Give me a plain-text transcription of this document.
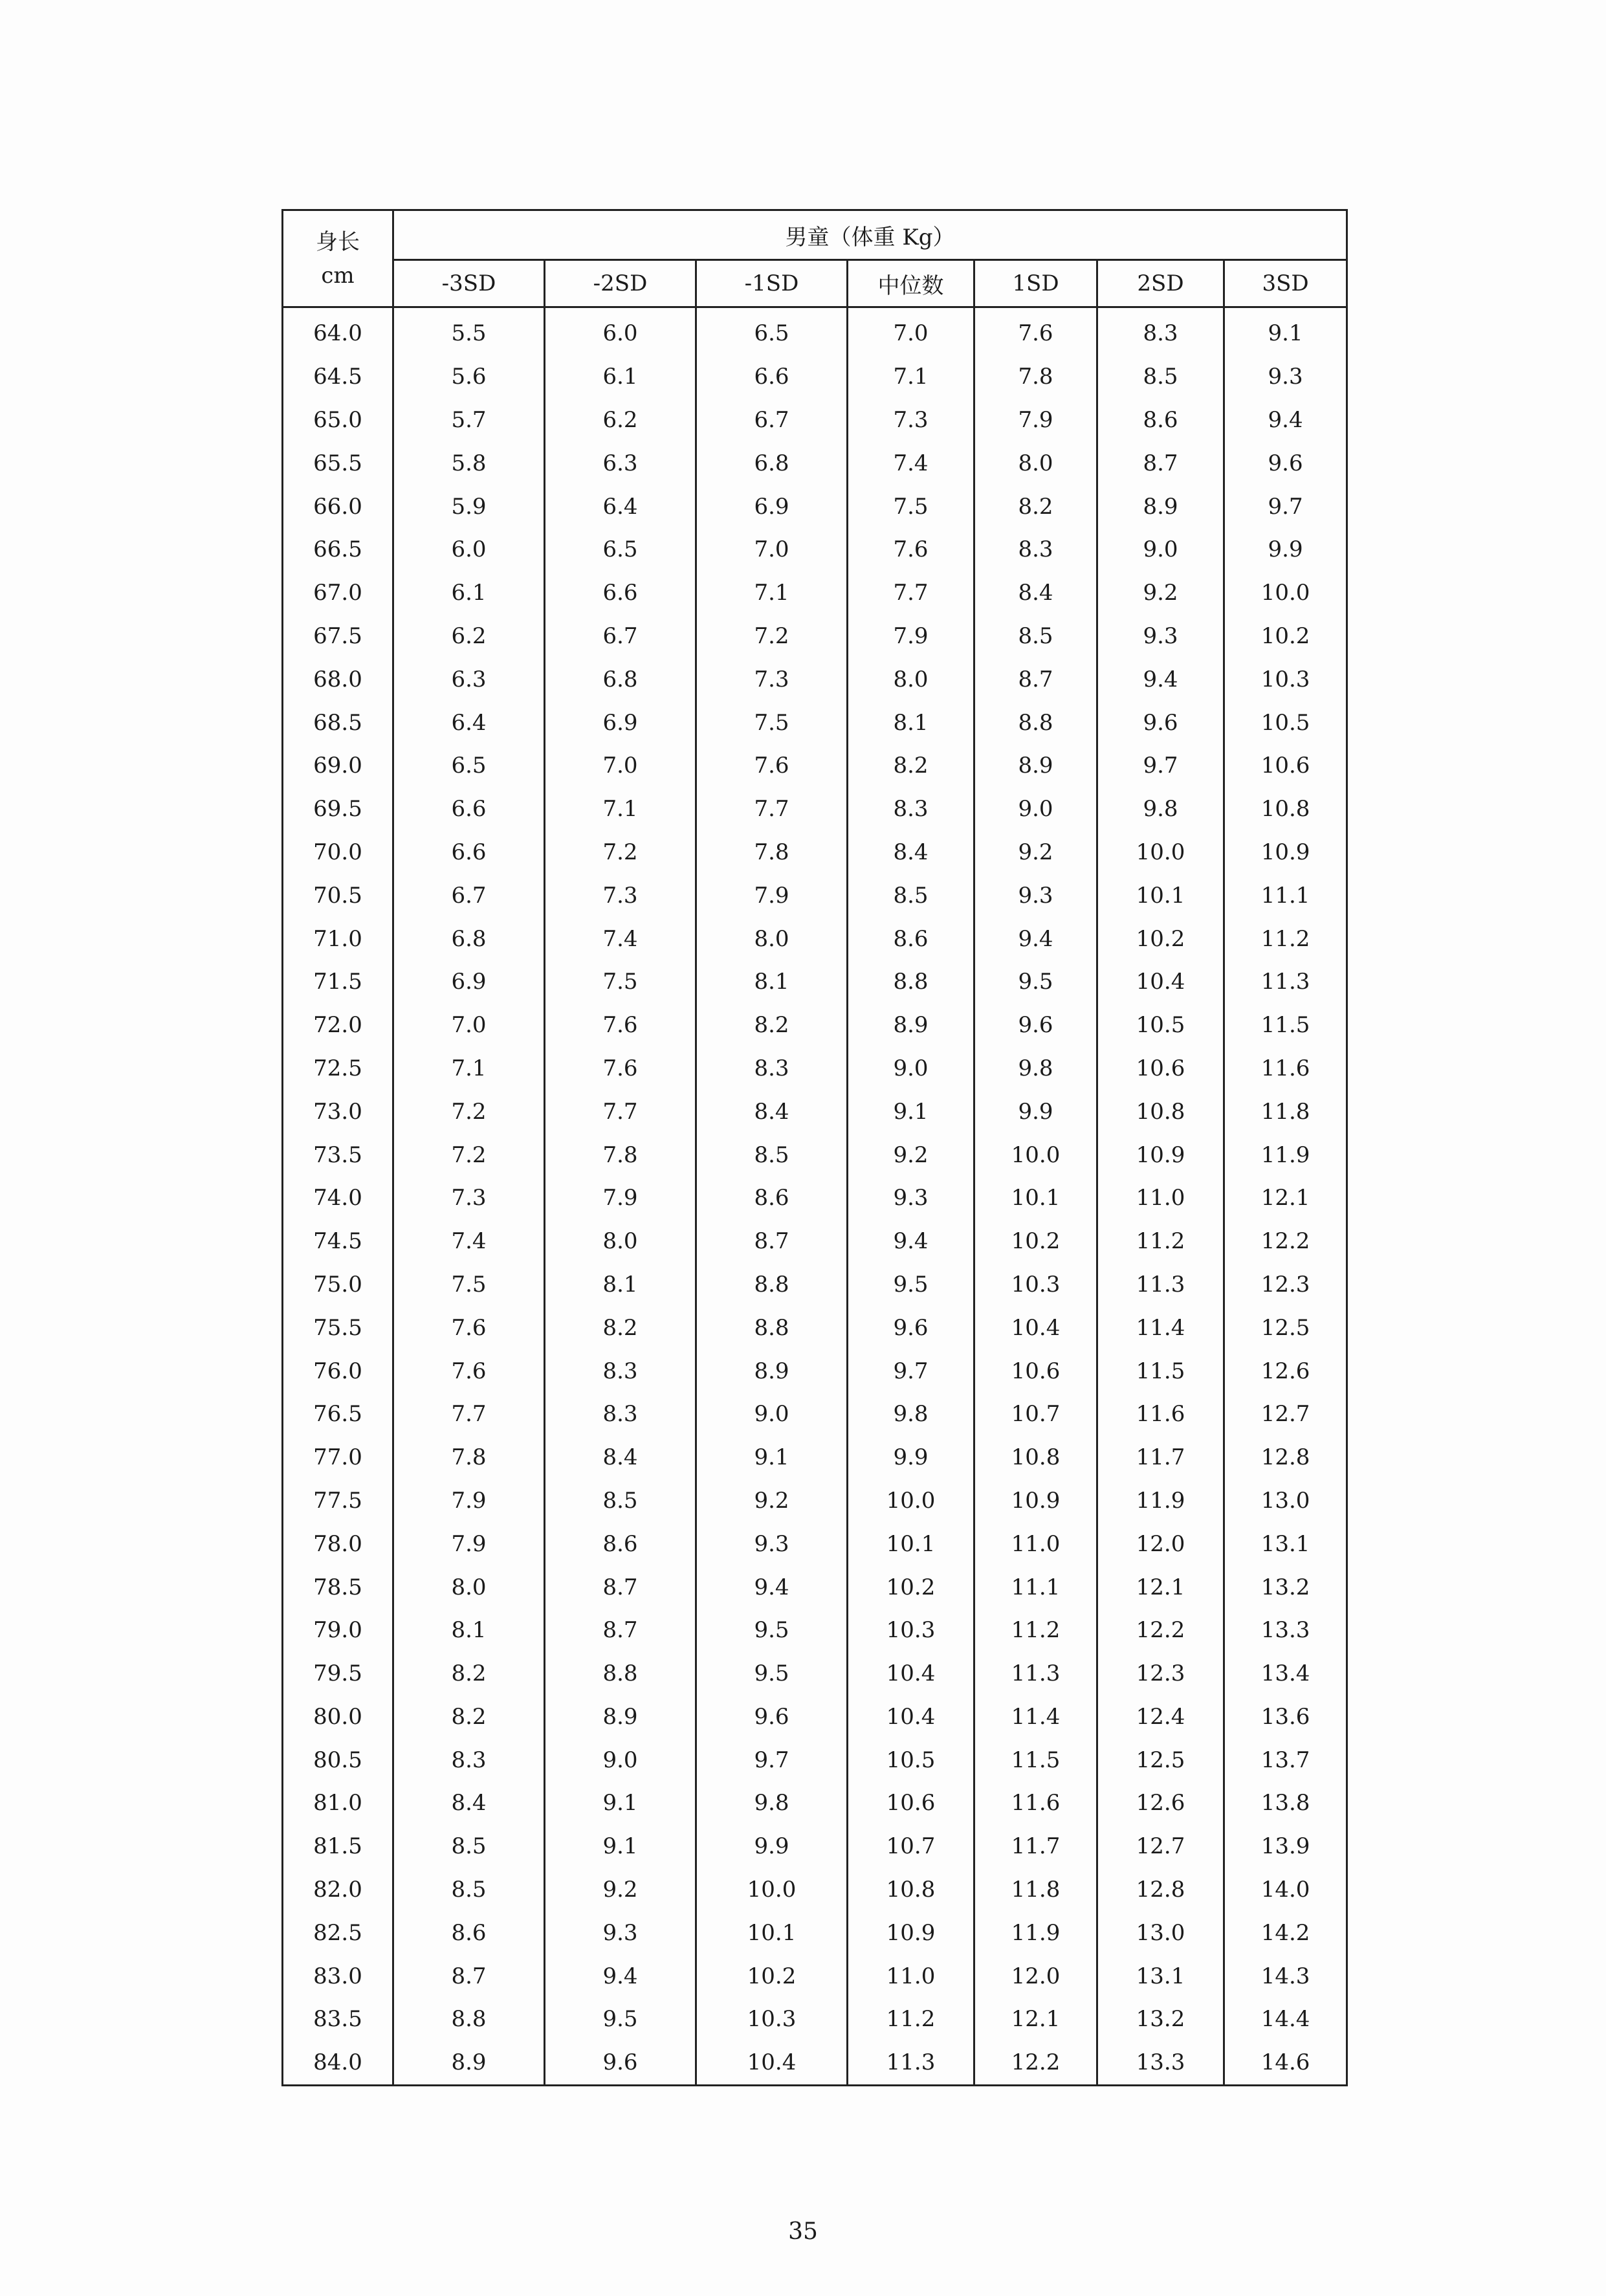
身长
cm	男童（体重 Kg）						
	-3SD	-2SD	-1SD	中位数	1SD	2SD	3SD
64.0	5.5	6.0	6.5	7.0	7.6	8.3	9.1
64.5	5.6	6.1	6.6	7.1	7.8	8.5	9.3
65.0	5.7	6.2	6.7	7.3	7.9	8.6	9.4
65.5	5.8	6.3	6.8	7.4	8.0	8.7	9.6
66.0	5.9	6.4	6.9	7.5	8.2	8.9	9.7
66.5	6.0	6.5	7.0	7.6	8.3	9.0	9.9
67.0	6.1	6.6	7.1	7.7	8.4	9.2	10.0
67.5	6.2	6.7	7.2	7.9	8.5	9.3	10.2
68.0	6.3	6.8	7.3	8.0	8.7	9.4	10.3
68.5	6.4	6.9	7.5	8.1	8.8	9.6	10.5
69.0	6.5	7.0	7.6	8.2	8.9	9.7	10.6
69.5	6.6	7.1	7.7	8.3	9.0	9.8	10.8
70.0	6.6	7.2	7.8	8.4	9.2	10.0	10.9
70.5	6.7	7.3	7.9	8.5	9.3	10.1	11.1
71.0	6.8	7.4	8.0	8.6	9.4	10.2	11.2
71.5	6.9	7.5	8.1	8.8	9.5	10.4	11.3
72.0	7.0	7.6	8.2	8.9	9.6	10.5	11.5
72.5	7.1	7.6	8.3	9.0	9.8	10.6	11.6
73.0	7.2	7.7	8.4	9.1	9.9	10.8	11.8
73.5	7.2	7.8	8.5	9.2	10.0	10.9	11.9
74.0	7.3	7.9	8.6	9.3	10.1	11.0	12.1
74.5	7.4	8.0	8.7	9.4	10.2	11.2	12.2
75.0	7.5	8.1	8.8	9.5	10.3	11.3	12.3
75.5	7.6	8.2	8.8	9.6	10.4	11.4	12.5
76.0	7.6	8.3	8.9	9.7	10.6	11.5	12.6
76.5	7.7	8.3	9.0	9.8	10.7	11.6	12.7
77.0	7.8	8.4	9.1	9.9	10.8	11.7	12.8
77.5	7.9	8.5	9.2	10.0	10.9	11.9	13.0
78.0	7.9	8.6	9.3	10.1	11.0	12.0	13.1
78.5	8.0	8.7	9.4	10.2	11.1	12.1	13.2
79.0	8.1	8.7	9.5	10.3	11.2	12.2	13.3
79.5	8.2	8.8	9.5	10.4	11.3	12.3	13.4
80.0	8.2	8.9	9.6	10.4	11.4	12.4	13.6
80.5	8.3	9.0	9.7	10.5	11.5	12.5	13.7
81.0	8.4	9.1	9.8	10.6	11.6	12.6	13.8
81.5	8.5	9.1	9.9	10.7	11.7	12.7	13.9
82.0	8.5	9.2	10.0	10.8	11.8	12.8	14.0
82.5	8.6	9.3	10.1	10.9	11.9	13.0	14.2
83.0	8.7	9.4	10.2	11.0	12.0	13.1	14.3
83.5	8.8	9.5	10.3	11.2	12.1	13.2	14.4
84.0	8.9	9.6	10.4	11.3	12.2	13.3	14.6
35
